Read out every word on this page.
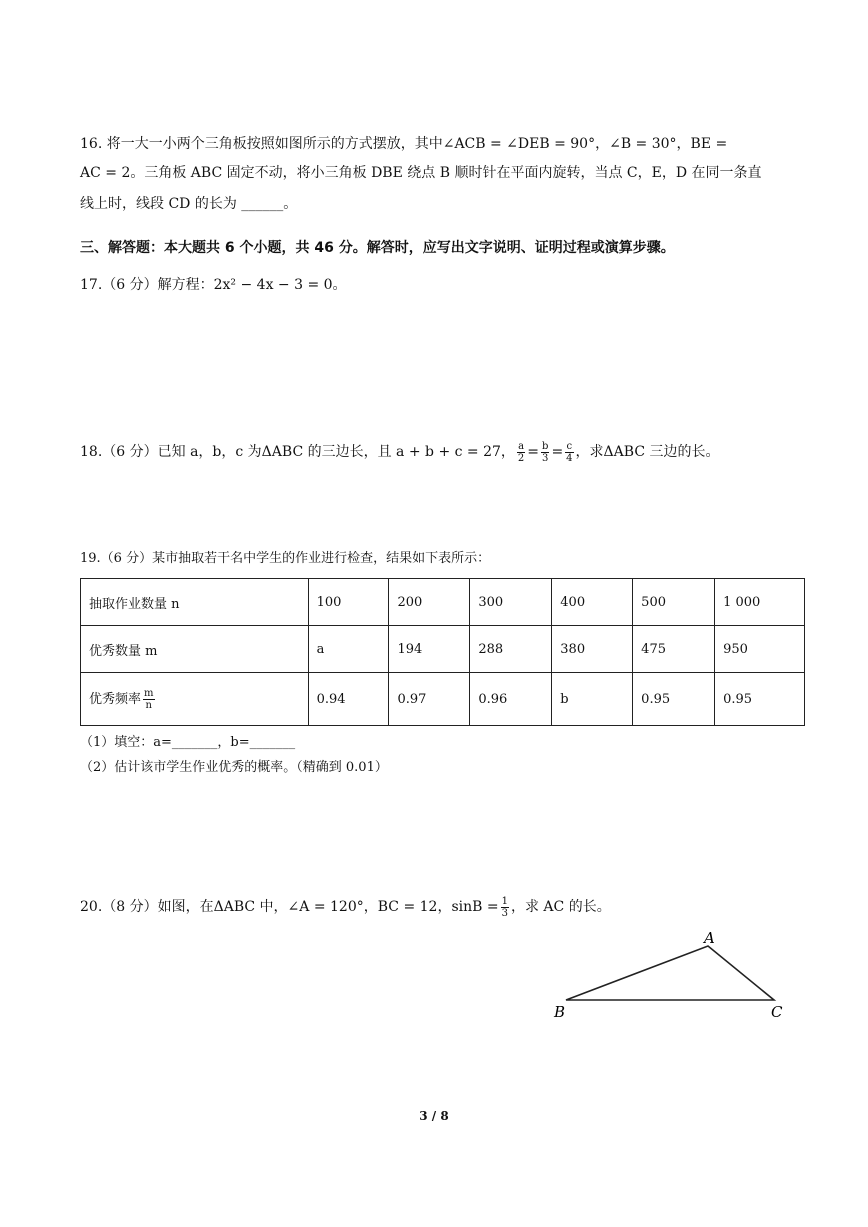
16. 将一大一小两个三角板按照如图所示的方式摆放，其中∠ACB = ∠DEB = 90°，∠B = 30°，BE =
AC = 2。三角板 ABC 固定不动，将小三角板 DBE 绕点 B 顺时针在平面内旋转，当点 C，E，D 在同一条直
线上时，线段 CD 的长为 ______。
三、解答题：本大题共 6 个小题，共 46 分。解答时，应写出文字说明、证明过程或演算步骤。
17.（6 分）解方程：2x² − 4x − 3 = 0。
18.（6 分）已知 a，b，c 为ΔABC 的三边长，且 a + b + c = 27， $\frac{a}{2} = \frac{b}{3} = \frac{c}{4}$ ，求ΔABC 三边的长。
19.（6 分）某市抽取若干名中学生的作业进行检查，结果如下表所示：
抽取作业数量 n	100	200	300	400	500	1 000
优秀数量 m	a	194	288	380	475	950
优秀频率 $\frac{m}{n}$	0.94	0.97	0.96	b	0.95	0.95
（1）填空：a=_______，b=_______
（2）估计该市学生作业优秀的概率。（精确到 0.01）
20.（8 分）如图，在ΔABC 中，∠A = 120°，BC = 12，$\sin B = \frac{1}{3}$ ，求 AC 的长。
A
B	C
3 / 8
